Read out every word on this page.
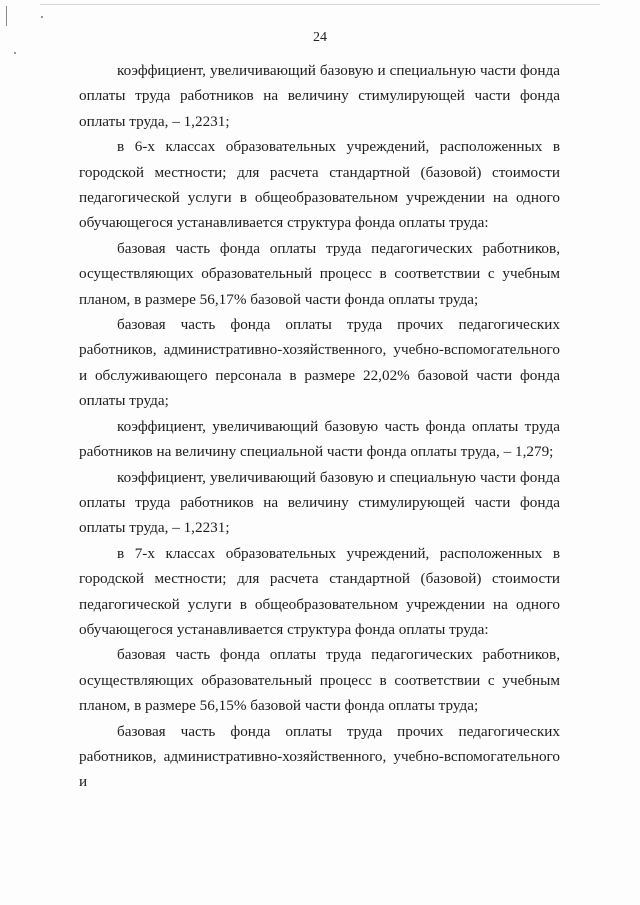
24

коэффициент, увеличивающий базовую и специальную части фонда оплаты труда работников на величину стимулирующей части фонда оплаты труда, – 1,2231;

в 6-х классах образовательных учреждений, расположенных в городской местности; для расчета стандартной (базовой) стоимости педагогической услуги в общеобразовательном учреждении на одного обучающегося устанавливается структура фонда оплаты труда:

базовая часть фонда оплаты труда педагогических работников, осуществляющих образовательный процесс в соответствии с учебным планом, в размере 56,17% базовой части фонда оплаты труда;

базовая часть фонда оплаты труда прочих педагогических работников, административно-хозяйственного, учебно-вспомогательного и обслуживающего персонала в размере 22,02% базовой части фонда оплаты труда;

коэффициент, увеличивающий базовую часть фонда оплаты труда работников на величину специальной части фонда оплаты труда, – 1,279;

коэффициент, увеличивающий базовую и специальную части фонда оплаты труда работников на величину стимулирующей части фонда оплаты труда, – 1,2231;

в 7-х классах образовательных учреждений, расположенных в городской местности; для расчета стандартной (базовой) стоимости педагогической услуги в общеобразовательном учреждении на одного обучающегося устанавливается структура фонда оплаты труда:

базовая часть фонда оплаты труда педагогических работников, осуществляющих образовательный процесс в соответствии с учебным планом, в размере 56,15% базовой части фонда оплаты труда;

базовая часть фонда оплаты труда прочих педагогических работников, административно-хозяйственного, учебно-вспомогательного и
